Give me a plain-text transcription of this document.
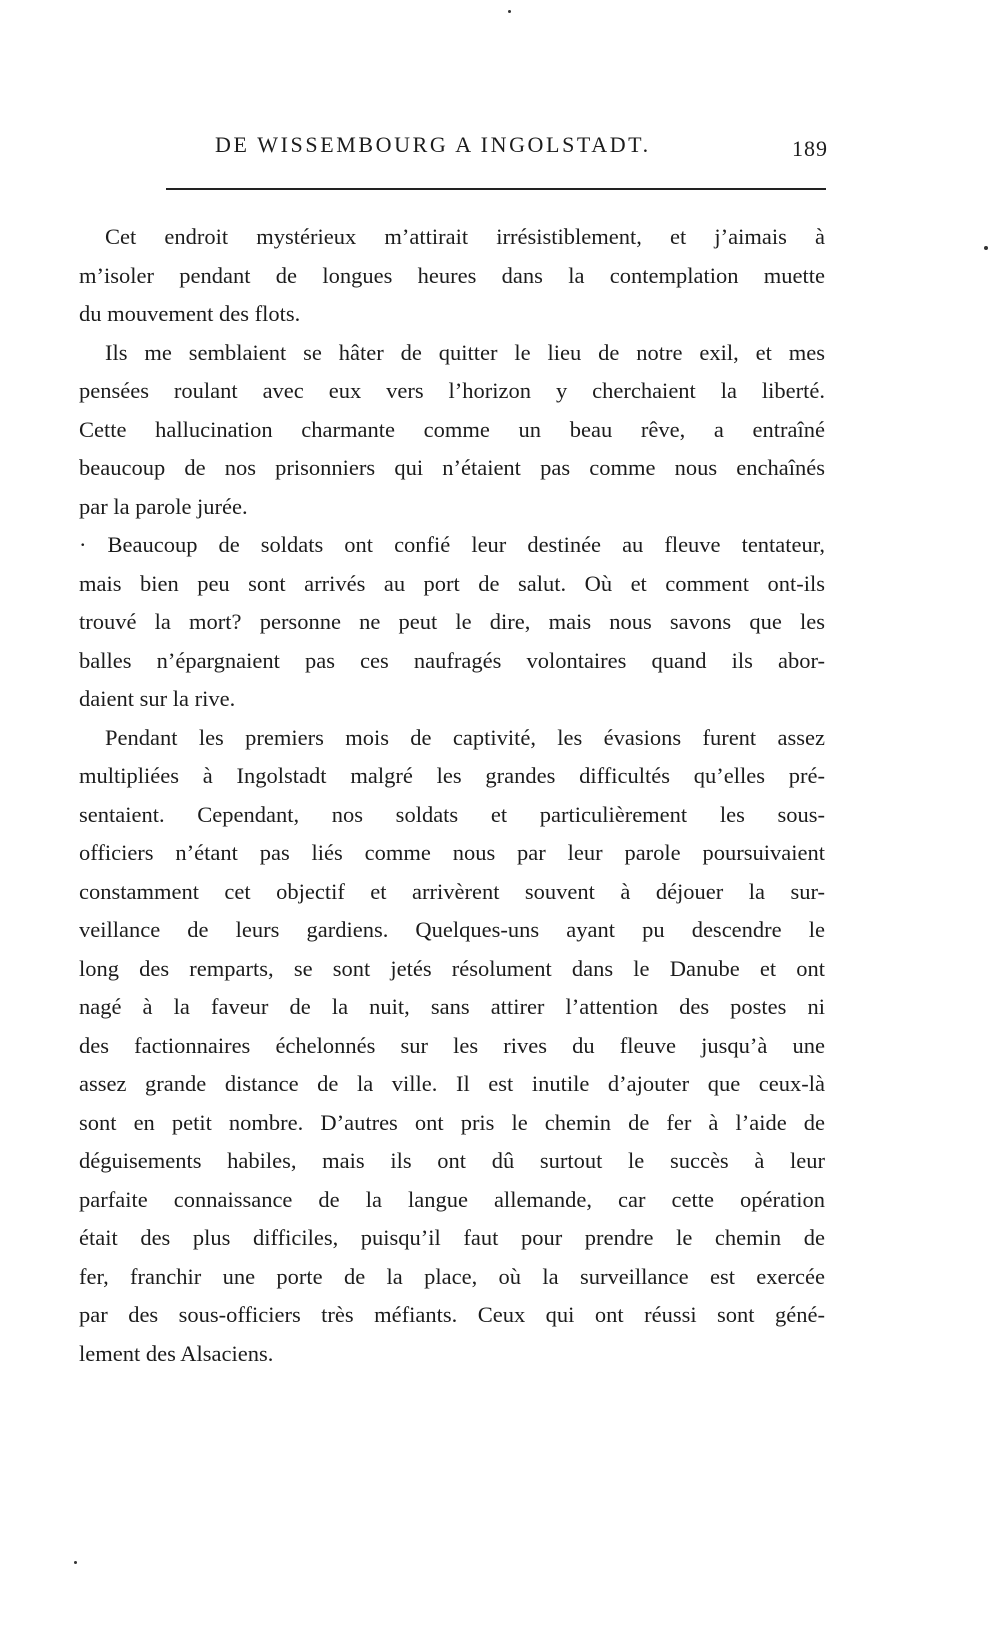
DE WISSEMBOURG A INGOLSTADT.	189
Cet endroit mystérieux m’attirait irrésistiblement, et j’aimais à
m’isoler pendant de longues heures dans la contemplation muette
du mouvement des flots.
Ils me semblaient se hâter de quitter le lieu de notre exil, et mes
pensées roulant avec eux vers l’horizon y cherchaient la liberté.
Cette hallucination charmante comme un beau rêve, a entraîné
beaucoup de nos prisonniers qui n’étaient pas comme nous enchaînés
par la parole jurée.
· Beaucoup de soldats ont confié leur destinée au fleuve tentateur,
mais bien peu sont arrivés au port de salut. Où et comment ont-ils
trouvé la mort? personne ne peut le dire, mais nous savons que les
balles n’épargnaient pas ces naufragés volontaires quand ils abor-
daient sur la rive.
Pendant les premiers mois de captivité, les évasions furent assez
multipliées à Ingolstadt malgré les grandes difficultés qu’elles pré-
sentaient. Cependant, nos soldats et particulièrement les sous-
officiers n’étant pas liés comme nous par leur parole poursuivaient
constamment cet objectif et arrivèrent souvent à déjouer la sur-
veillance de leurs gardiens. Quelques-uns ayant pu descendre le
long des remparts, se sont jetés résolument dans le Danube et ont
nagé à la faveur de la nuit, sans attirer l’attention des postes ni
des factionnaires échelonnés sur les rives du fleuve jusqu’à une
assez grande distance de la ville. Il est inutile d’ajouter que ceux-là
sont en petit nombre. D’autres ont pris le chemin de fer à l’aide de
déguisements habiles, mais ils ont dû surtout le succès à leur
parfaite connaissance de la langue allemande, car cette opération
était des plus difficiles, puisqu’il faut pour prendre le chemin de
fer, franchir une porte de la place, où la surveillance est exercée
par des sous-officiers très méfiants. Ceux qui ont réussi sont géné-
lement des Alsaciens.
